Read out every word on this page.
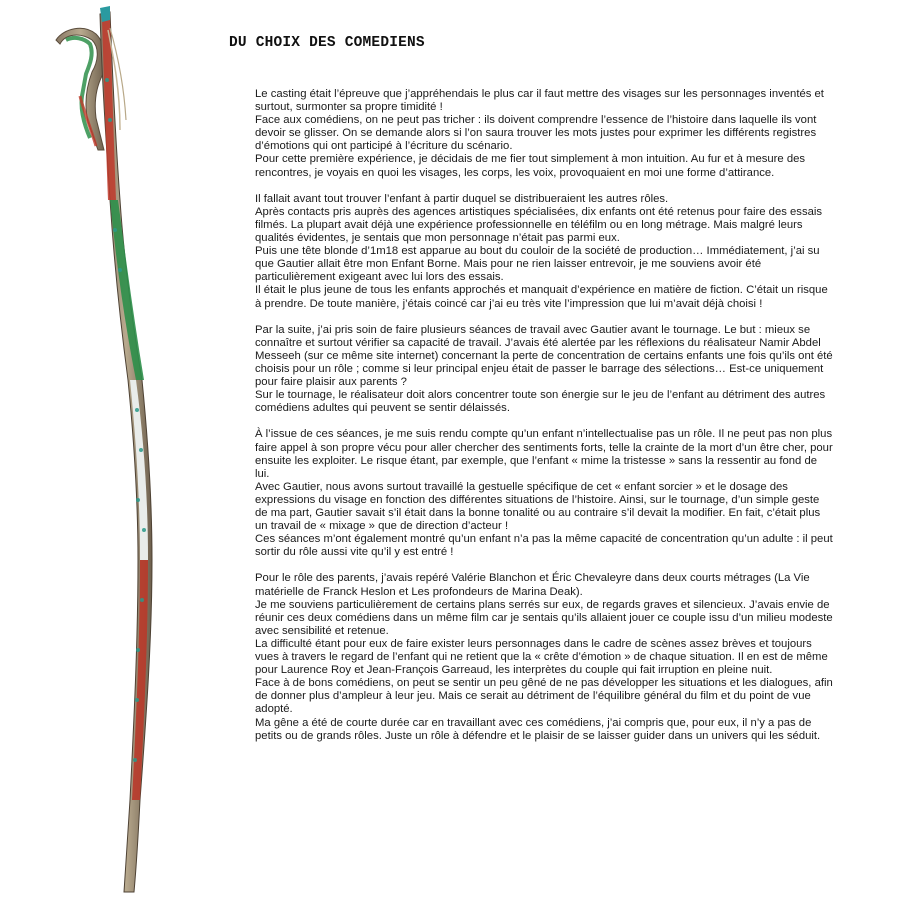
DU CHOIX DES COMEDIENS

Le casting était l’épreuve que j’appréhendais le plus car il faut mettre des visages sur les personnages inventés et surtout, surmonter sa propre timidité !
Face aux comédiens, on ne peut pas tricher : ils doivent comprendre l’essence de l’histoire dans laquelle ils vont devoir se glisser. On se demande alors si l’on saura trouver les mots justes pour exprimer les différents registres d’émotions qui ont participé à l’écriture du scénario.
Pour cette première expérience, je décidais de me fier tout simplement à mon intuition. Au fur et à mesure des rencontres, je voyais en quoi les visages, les corps, les voix, provoquaient en moi une forme d’attirance.

Il fallait avant tout trouver l’enfant à partir duquel se distribueraient les autres rôles.
Après contacts pris auprès des agences artistiques spécialisées, dix enfants ont été retenus pour faire des essais filmés. La plupart avait déjà une expérience professionnelle en téléfilm ou en long métrage. Mais malgré leurs qualités évidentes, je sentais que mon personnage n’était pas parmi eux.
Puis une tête blonde d’1m18 est apparue au bout du couloir de la société de production… Immédiatement, j’ai su que Gautier allait être mon Enfant Borne. Mais pour ne rien laisser entrevoir, je me souviens avoir été particulièrement exigeant avec lui lors des essais.
Il était le plus jeune de tous les enfants approchés et manquait d’expérience en matière de fiction. C’était un risque à prendre. De toute manière, j’étais coincé car j’ai eu très vite l’impression que lui m’avait déjà choisi !

Par la suite, j’ai pris soin de faire plusieurs séances de travail avec Gautier avant le tournage. Le but : mieux se connaître et surtout vérifier sa capacité de travail. J’avais été alertée par les réflexions du réalisateur Namir Abdel Messeeh (sur ce même site internet) concernant la perte de concentration de certains enfants une fois qu’ils ont été choisis pour un rôle ; comme si leur principal enjeu était de passer le barrage des sélections… Est-ce uniquement pour faire plaisir aux parents ?
Sur le tournage, le réalisateur doit alors concentrer toute son énergie sur le jeu de l’enfant au détriment des autres comédiens adultes qui peuvent se sentir délaissés.

À l’issue de ces séances, je me suis rendu compte qu’un enfant n’intellectualise pas un rôle. Il ne peut pas non plus faire appel à son propre vécu pour aller chercher des sentiments forts, telle la crainte de la mort d’un être cher, pour ensuite les exploiter. Le risque étant, par exemple, que l’enfant « mime la tristesse » sans la ressentir au fond de lui.
Avec Gautier, nous avons surtout travaillé la gestuelle spécifique de cet « enfant sorcier » et le dosage des expressions du visage en fonction des différentes situations de l’histoire. Ainsi, sur le tournage, d’un simple geste de ma part, Gautier savait s’il était dans la bonne tonalité ou au contraire s’il devait la modifier. En fait, c’était plus un travail de « mixage » que de direction d’acteur !
Ces séances m’ont également montré qu’un enfant n’a pas la même capacité de concentration qu’un adulte : il peut sortir du rôle aussi vite qu’il y est entré !

Pour le rôle des parents, j’avais repéré Valérie Blanchon et Éric Chevaleyre dans deux courts métrages (La Vie matérielle de Franck Heslon et Les profondeurs de Marina Deak).
Je me souviens particulièrement de certains plans serrés sur eux, de regards graves et silencieux. J’avais envie de réunir ces deux comédiens dans un même film car je sentais qu’ils allaient jouer ce couple issu d’un milieu modeste avec sensibilité et retenue.
La difficulté étant pour eux de faire exister leurs personnages dans le cadre de scènes assez brèves et toujours vues à travers le regard de l’enfant qui ne retient que la « crête d’émotion » de chaque situation. Il en est de même pour Laurence Roy et Jean-François Garreaud, les interprètes du couple qui fait irruption en pleine nuit.
Face à de bons comédiens, on peut se sentir un peu gêné de ne pas développer les situations et les dialogues, afin de donner plus d’ampleur à leur jeu. Mais ce serait au détriment de l’équilibre général du film et du point de vue adopté.
Ma gêne a été de courte durée car en travaillant avec ces comédiens, j’ai compris que, pour eux, il n’y a pas de petits ou de grands rôles. Juste un rôle à défendre et le plaisir de se laisser guider dans un univers qui les séduit.
